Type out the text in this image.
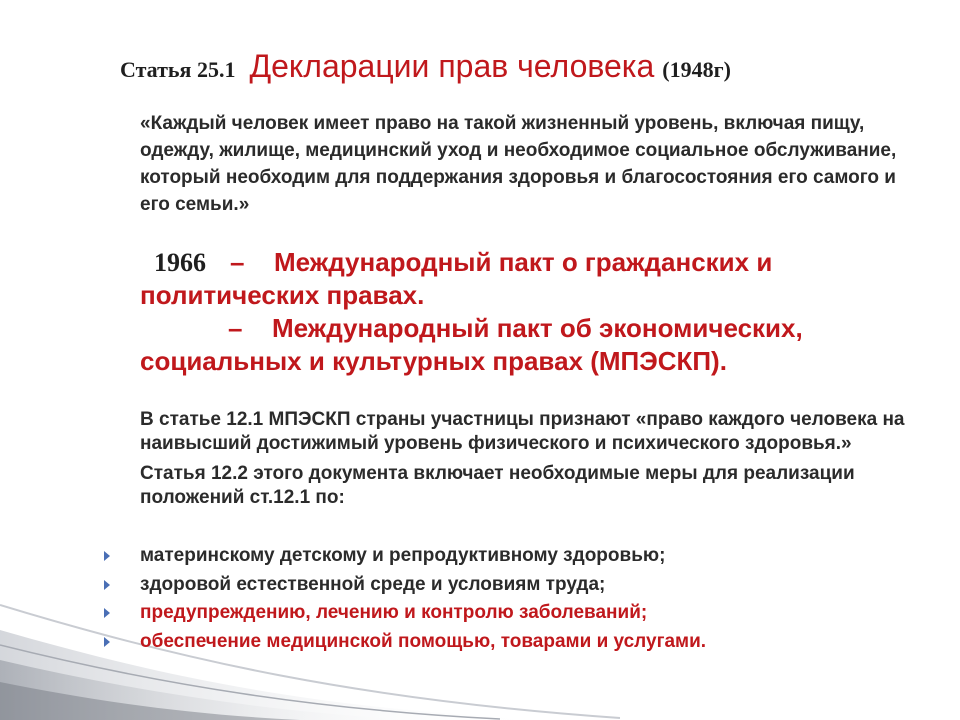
Статья 25.1 Декларации прав человека (1948г)
«Каждый человек имеет право на такой жизненный уровень, включая пищу, одежду, жилище, медицинский уход и необходимое социальное обслуживание, который необходим для поддержания здоровья и благосостояния его самого и его семьи.»
1966 – Международный пакт о гражданских и политических правах.
– Международный пакт об экономических, социальных и культурных правах (МПЭСКП).

В статье 12.1 МПЭСКП страны участницы признают «право каждого человека на наивысший достижимый уровень физического и психического здоровья.»

Статья 12.2 этого документа включает необходимые меры для реализации положений ст.12.1 по:

материнскому детскому и репродуктивному здоровью;
здоровой естественной среде и условиям труда;
предупреждению, лечению и контролю заболеваний;
обеспечение медицинской помощью, товарами и услугами.
